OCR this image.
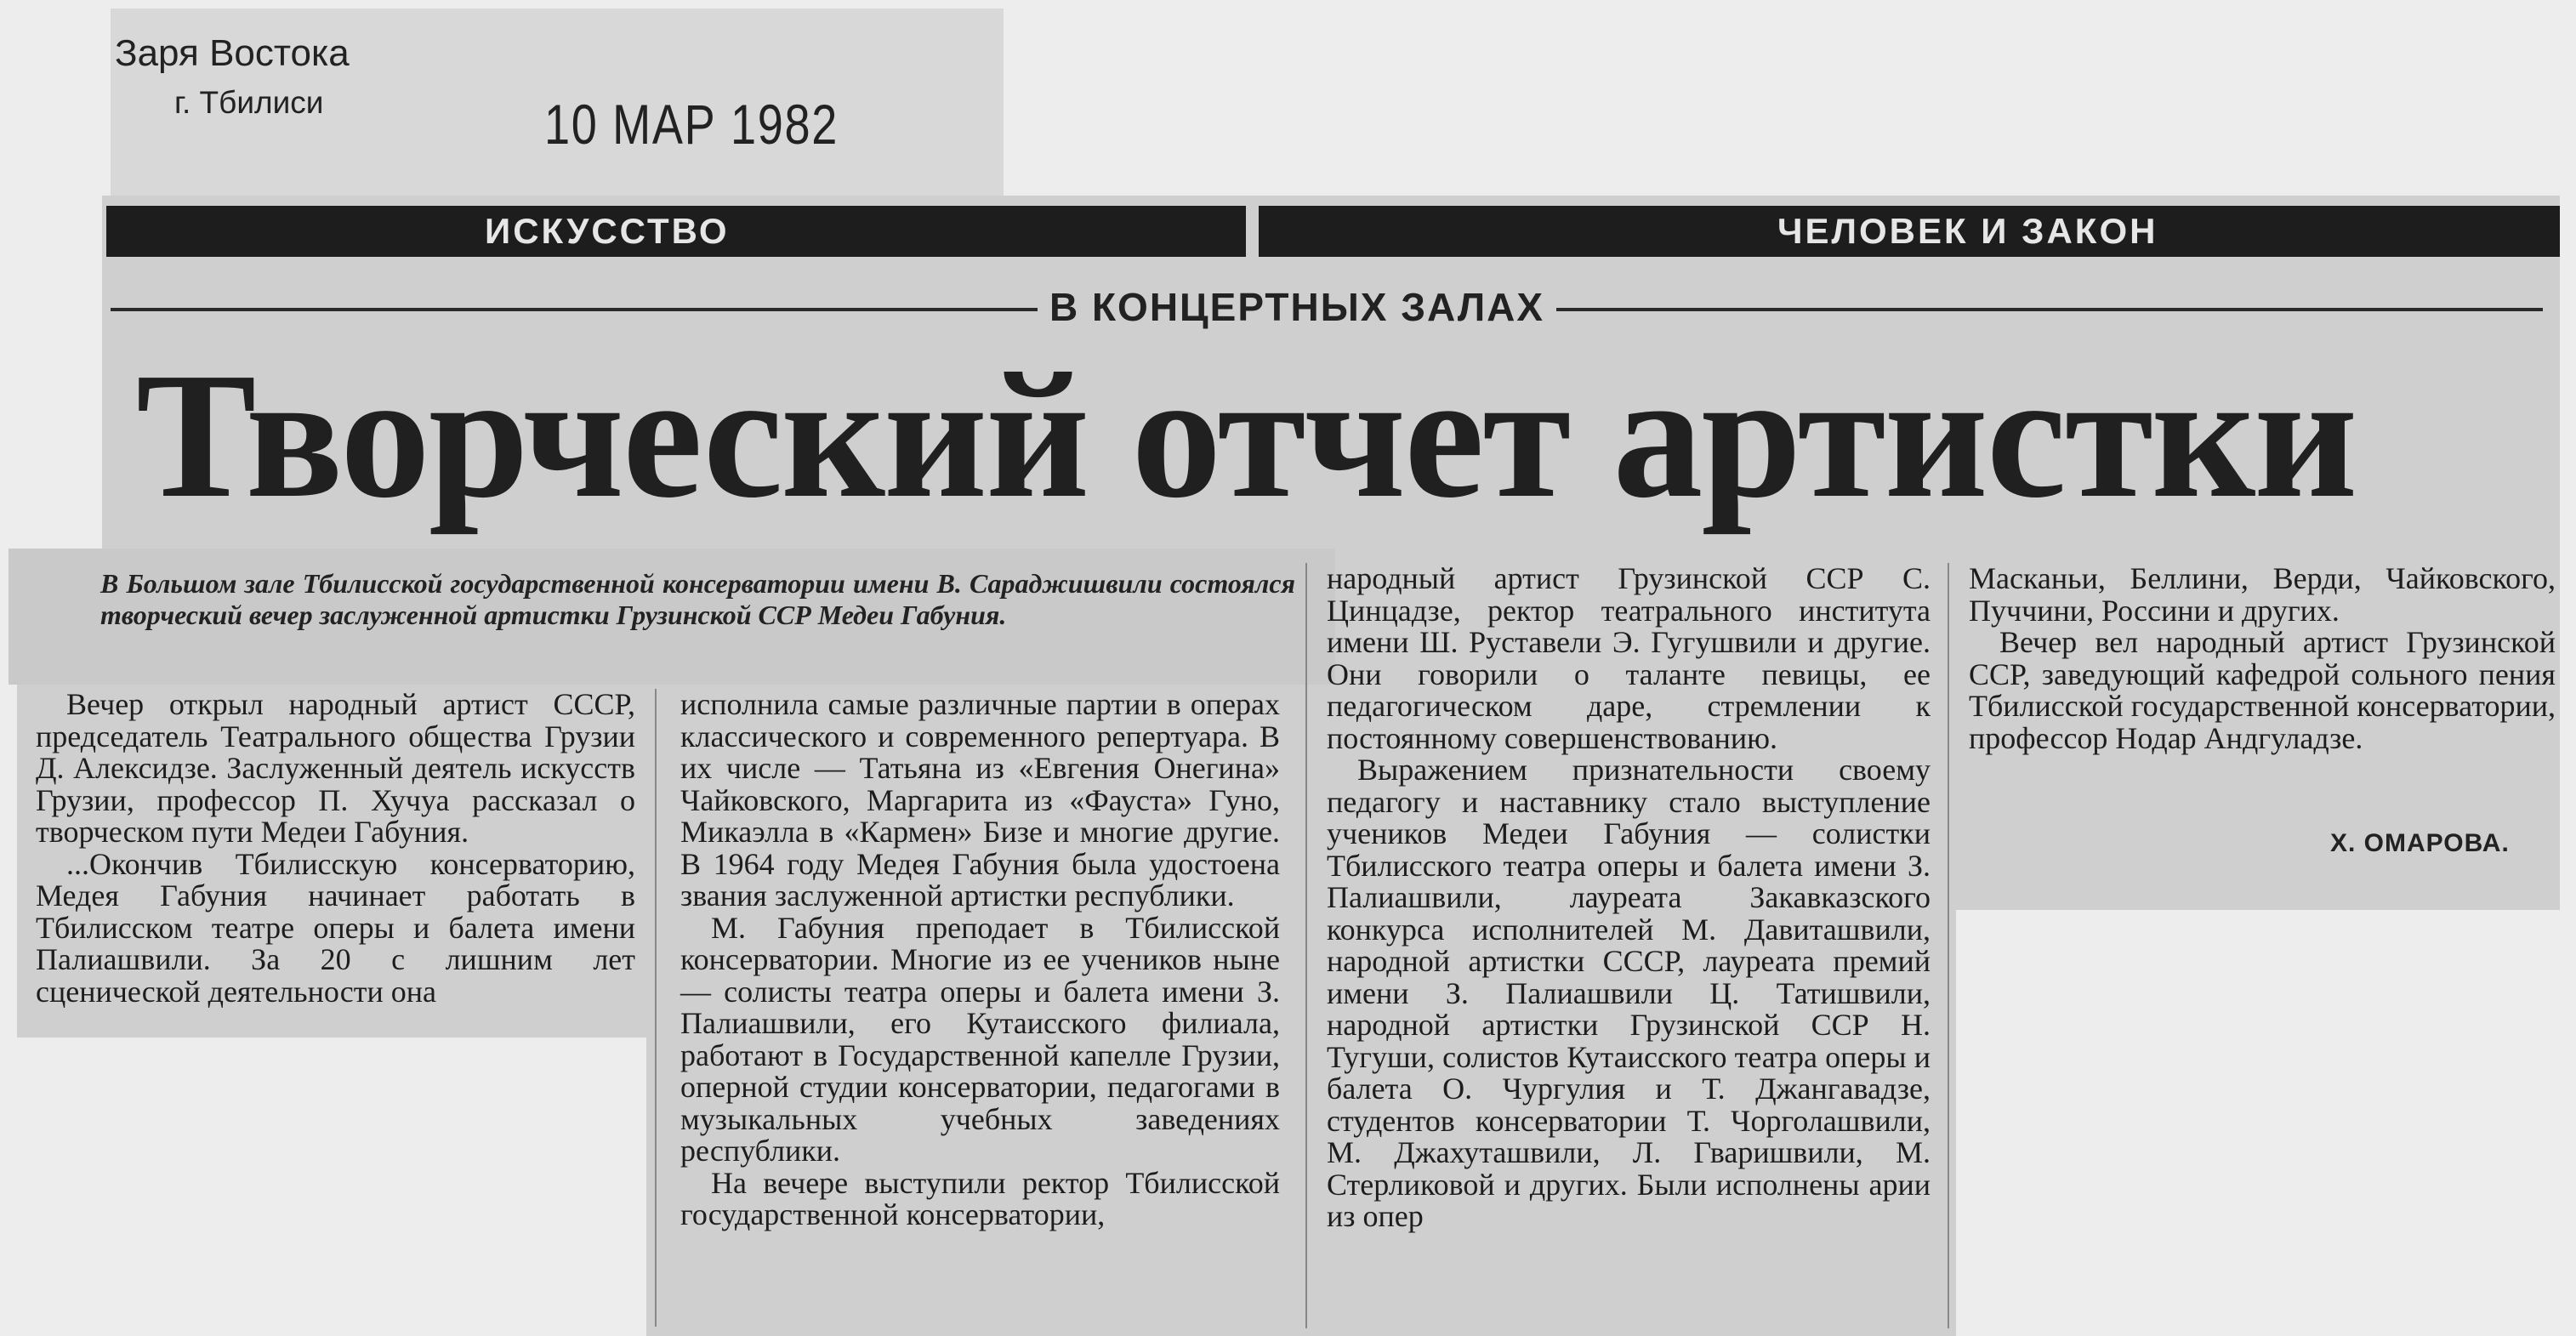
Заря Востока
г. Тбилиси	10 МАР 1982
ИСКУССТВО	ЧЕЛОВЕК И ЗАКОН
В КОНЦЕРТНЫХ ЗАЛАХ
Творческий отчет артистки
В Большом зале Тбилисской государственной консерватории имени В. Сараджишвили состоялся творческий вечер заслуженной артистки Грузинской ССР Медеи Габуния.

Вечер открыл народный артист СССР, председатель Театрального общества Грузии Д. Алексидзе. Заслуженный деятель искусств Грузии, профессор П. Хучуа рассказал о творческом пути Медеи Габуния.

...Окончив Тбилисскую консерваторию, Медея Габуния начинает работать в Тбилисском театре оперы и балета имени Палиашвили. За 20 с лишним лет сценической деятельности она

исполнила самые различные партии в операх классического и современного репертуара. В их числе — Татьяна из «Евгения Онегина» Чайковского, Маргарита из «Фауста» Гуно, Микаэлла в «Кармен» Бизе и многие другие. В 1964 году Медея Габуния была удостоена звания заслуженной артистки республики.

М. Габуния преподает в Тбилисской консерватории. Многие из ее учеников ныне — солисты театра оперы и балета имени З. Палиашвили, его Кутаисского филиала, работают в Государственной капелле Грузии, оперной студии консерватории, педагогами в музыкальных учебных заведениях республики.

На вечере выступили ректор Тбилисской государственной консерватории,

народный артист Грузинской ССР С. Цинцадзе, ректор театрального института имени Ш. Руставели Э. Гугушвили и другие. Они говорили о таланте певицы, ее педагогическом даре, стремлении к постоянному совершенствованию.

Выражением признательности своему педагогу и наставнику стало выступление учеников Медеи Габуния — солистки Тбилисского театра оперы и балета имени З. Палиашвили, лауреата Закавказского конкурса исполнителей М. Давиташвили, народной артистки СССР, лауреата премий имени З. Палиашвили Ц. Татишвили, народной артистки Грузинской ССР Н. Тугуши, солистов Кутаисского театра оперы и балета О. Чургулия и Т. Джангавадзе, студентов консерватории Т. Чорголашвили, М. Джахуташвили, Л. Гваришвили, М. Стерликовой и других. Были исполнены арии из опер

Масканьи, Беллини, Верди, Чайковского, Пуччини, Россини и других.

Вечер вел народный артист Грузинской ССР, заведующий кафедрой сольного пения Тбилисской государственной консерватории, профессор Нодар Андгуладзе.

Х. ОМАРОВА.
